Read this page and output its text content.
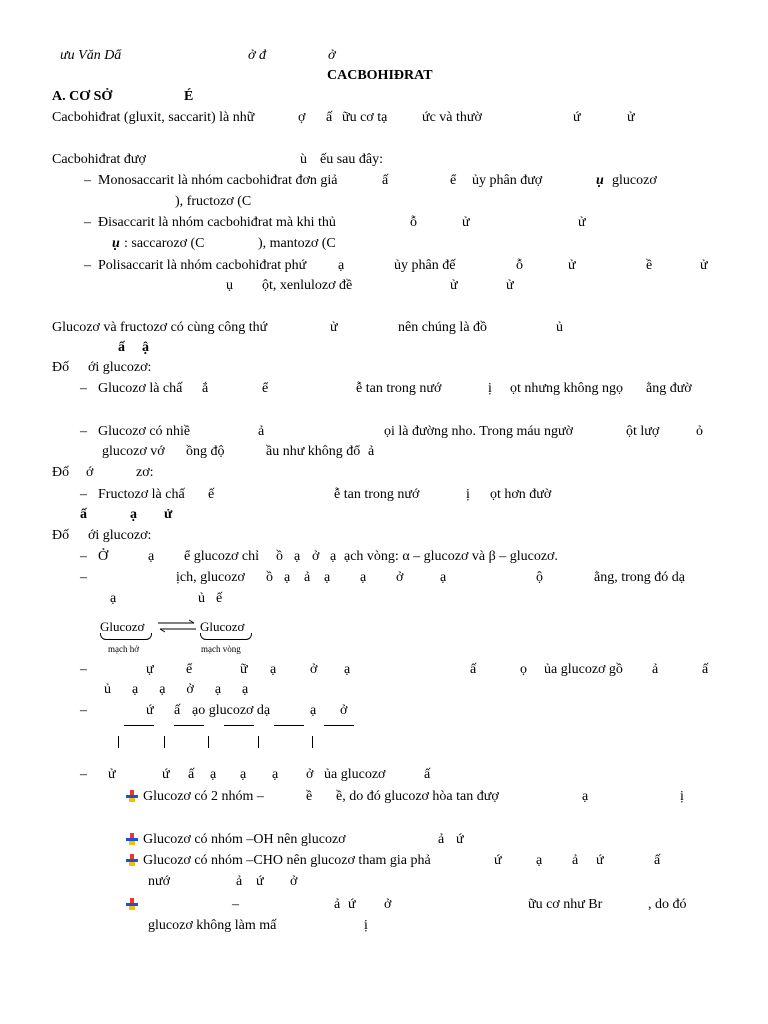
ưu Văn Dẩ	ở đ	ở
CACBOHIĐRAT
A. CƠ SỞ	É
Cacbohiđrat (gluxit, saccarit) là nhữ	ợ ấ ữu cơ tạ ức và thườ	ứ	ử
Cacbohiđrat đượ	ù ếu sau đây:
– Monosaccarit là nhóm cacbohiđrat đơn giả	ấ	ể ủy phân đượ	ụ glucozơ
), fructozơ (C
– Đisaccarit là nhóm cacbohiđrat mà khi thủ	ỗ	ử	ử
ụ : saccarozơ (C	), mantozơ (C
– Polisaccarit là nhóm cacbohiđrat phứ ạ	ủy phân đế	ỗ	ử	ề	ử
ụ ột, xenlulozơ đề	ử	ử
Glucozơ và fructozơ có cùng công thứ	ử	nên chúng là đồ	ủ
ấ ậ
Đố ới glucozơ:
– Glucozơ là chấ ắ	ể	ễ tan trong nướ	ị ọt nhưng không ngọ ằng đườ
– Glucozơ có nhiề	ả	ọi là đường nho. Trong máu ngườ	ột lượ	ỏ
glucozơ vớ ồng độ	ầu như không đổ ả
Đố ớ	zơ:
– Fructozơ là chấ ế	ễ tan trong nướ	ị ọt hơn đườ
ấ	ạ ử
Đố ới glucozơ:
– Ở	ạ ể glucozơ chỉ ồ ạ ở ạ ạch vòng: α – glucozơ và β – glucozơ.
–	ịch, glucozơ ồ ạ ả ạ ạ ở	ạ	ộ	ằng, trong đó dạ
ạ	ủ ế
Glucozơ
mạch hở
⇌ Glucozơ
mạch vòng
–	ự ể	ữ ạ ở ạ	ấ	ọ ủa glucozơ gồ ả	ấ
ủ      ạ      ạ      ở      ạ      ạ
–	ứ ấ ạo glucozơ dạ	ạ ở
– ử	ứ ấ ạ ạ ạ ở ủa glucozơ	ấ
Glucozơ có 2 nhóm –	ề ề, do đó glucozơ hòa tan đượ	ạ	ị
Glucozơ có nhóm –OH nên glucozơ	ả ứ
Glucozơ có nhóm –CHO nên glucozơ tham gia phả	ứ ạ ả ứ	ấ
nướ	ả ứ ở
–	ả ứ ở	ữu cơ như Br	, do đó
glucozơ không làm mấ	ị
